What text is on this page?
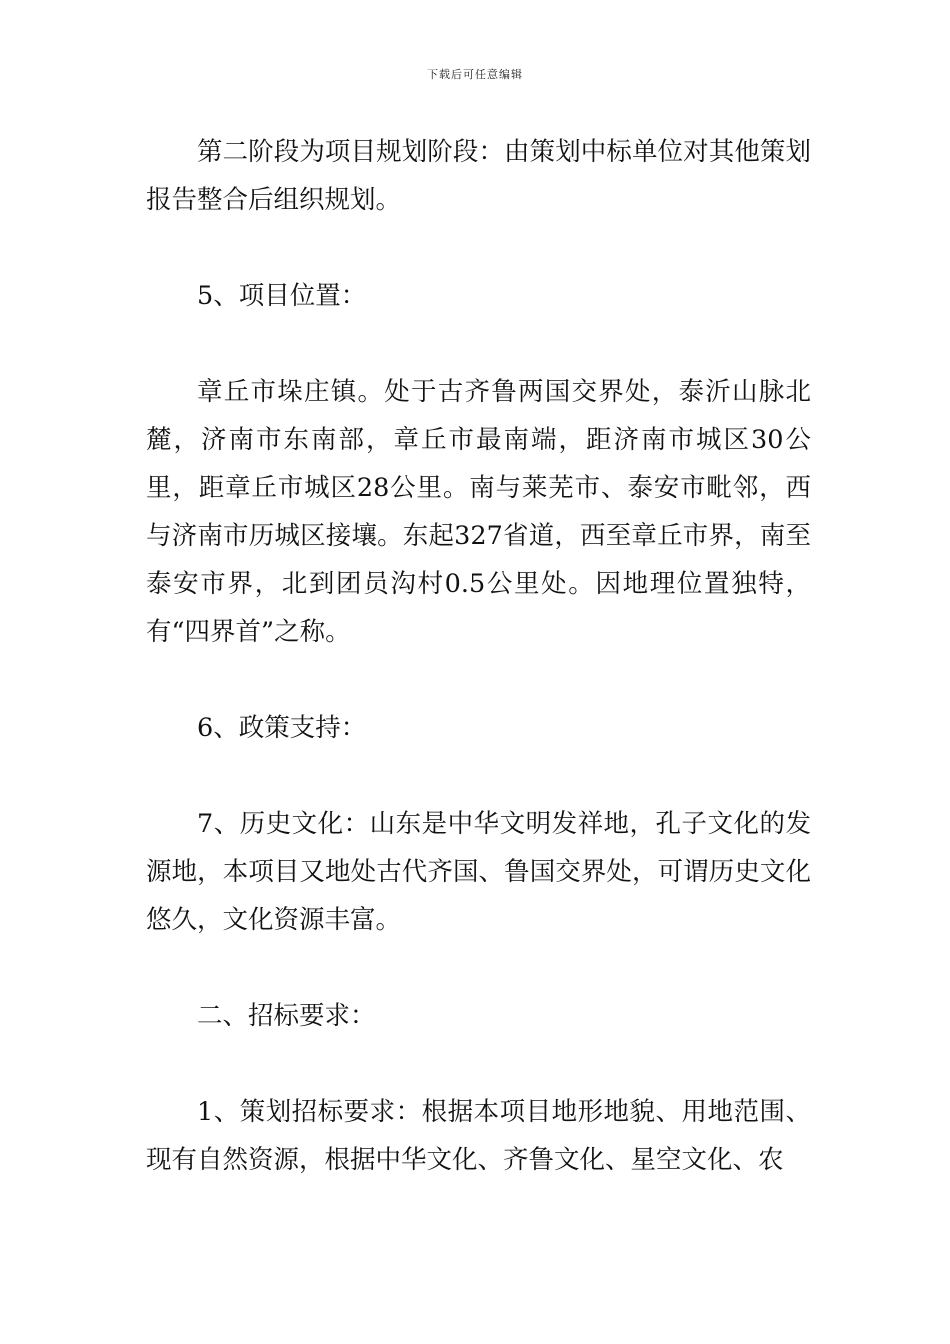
下载后可任意编辑

第二阶段为项目规划阶段：由策划中标单位对其他策划报告整合后组织规划。

5、项目位置：

章丘市垛庄镇。处于古齐鲁两国交界处，泰沂山脉北麓，济南市东南部，章丘市最南端，距济南市城区30公里，距章丘市城区28公里。南与莱芜市、泰安市毗邻，西与济南市历城区接壤。东起327省道，西至章丘市界，南至泰安市界，北到团员沟村0.5公里处。因地理位置独特，有“四界首”之称。

6、政策支持：

7、历史文化：山东是中华文明发祥地，孔子文化的发源地，本项目又地处古代齐国、鲁国交界处，可谓历史文化悠久，文化资源丰富。

二、招标要求：

1、策划招标要求：根据本项目地形地貌、用地范围、现有自然资源，根据中华文化、齐鲁文化、星空文化、农
